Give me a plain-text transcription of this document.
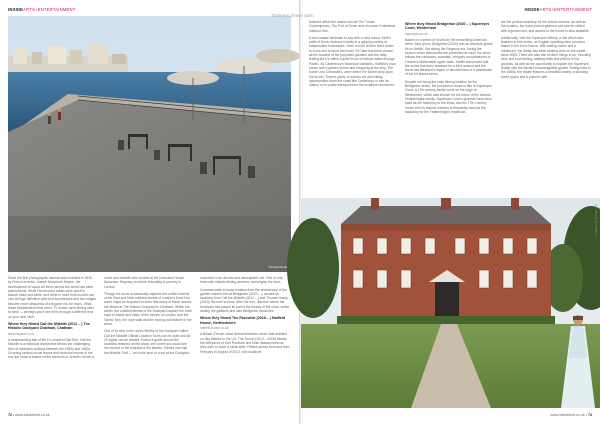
INSIDEARTS+ENTERTAINMENT
©shutterstock

Since the first photographic camera was invented in 1816 by French inventor Joseph Nicephore Niepce, the development of visual art forms across the world has been phenomenal. While French-born artists were quick to absorb black and white, and while in more time movies can now be high definition with loud soundtracks and the images become more ubiquitous of a bygone era for hours. What these blockbusters films and a TV shows have filming sites to have — perhaps you'll see them through a different lens on your next visit!

Where they filmed Call the Midwife (2012 – ) The Historic Dockyard Chatham, Chatham
thedockyard.co.uk

A heartwarming tale of life in London's East End, Call the Midwife is a historical drama that follows the challenging lives of midwives working between the 1950s and 1960s. Covering serious social issues and historical events of the era, the show is based on the memoirs of Jennifer Worth, a

nurse and midwife who worked at the Nonnatus House Nurseries. Regency to before relocating to poverty in London.

Though the show occasionally captures the unfilled streets of the East and brick cobbled streets of London's East End, some might be surprised to learn that many of these scenes are filmed at The Historic Dockyard in Chatham. Within the series, the cobbled streets of the Dockyard capture the brick back-to-backs and many of the streets of London, and the Tarred Tarn, the rope walk and the boxing club feature in the show.

One of its sets in the iconic Smithy of the Dockyard called Call the Midwife Official Location Tours can be used and all 20 sights can be viewed. Follow a guide around the locations featured on the show, see where you could see the doctors in the hospital or the streets. Visitors can visit the Midwife Trail — an iconic spot or a set at the Dockyard.

costumes in an all-new and atmospheric set. One of only three with historic filming services, and mighty the best.

Commemorate a house location from the anniversary of the garden scenes with at Bridgerton (2020 – ), as well as locations from Call the Midwife (2012 – ) and Thomas Hardy (2019). Be sure to book. After the tour, discover where the Dockyard has played its part in the history of the show, whilst visiting the galleries and also Bridgerton favourites.

Where they filmed The Favourite (2018 – ) Hatfield House, Hertfordshire
hatfield-house.co.uk

A British–French crime drama television series that debuted on Sky Atlantic in the US, The Tunnel (2013 – 2016) follows the detectives of Karl Roebuck and Elise Wassermann as they work to solve a serial killer. Filmed across Kent and from February to August of 2013, with locations

72 • www.insidekent.co.uk
INSIDEARTS+ENTERTAINMENT
TVseries (leave part)

featured within the drama include The Turner Contemporary, The Port of Dover and of course Folkestone Harbour Arm.

A real coastal landmark to say with a vivid colour, Kent's pride of Dover features heavily in a gripping variety of independent businesses. Seen in both of their fixed routes to Louis and to tenor and hotel. St Clare has been chosen as the location of the proposed gardens and the relay, feeling like it's within a quiet mood of narrow walks through Pacific. As Canterbury's historical roadsides, Hatfield's town house with a garden centre and shopping at the ship, The Eddie Lord Cresswell's, were where the tunnel story spun the tunnel. There's plenty of scenes set and eating opportunities down the coast like Canterbury or can be loaded on to public transport from the locations mentioned.

Where they filmed Bridgerton (2020 – ) Squerryes Court, Westerham
squerryes.co.uk

Based on a series of novels by the bestselling American writer Julia Quinn, Bridgerton (2020) was an absolute global hit on Netflix. Set during the Regency era, during the season which debutantes are presented at court, the show follows the romances, scandals, intrigues and pleasures of London's fashionable upper class. Netflix announced that the series has been renewed for a third season and the show has attracted a legion of devoted fans of a passionate of the hit drama series.

Despite not being the main filming location for the Bridgerton series, the production chose to film at Squerryes Court, a 17th century family home on the edge of Westerham, which was chosen for the home of the famous Featherington family. Squerryes Court's grounds have been used as the backdrop to the show, and the 17th Century house with its historic interiors is frequently used as the backdrop for the Featherington residence.

are the perfect backdrop for the show's scenes. As well as the location, the iconic period gardens can now be visited with a guided tour, and access to the house is also available.

Additionally, visit the Squerryes Winery, a site which also features in this series, an English sparkling wine producer based in the Kent Downs. With tasting rooms and a restaurant, the family has been making wine on the estate since 2006. There are also lots of other things to do, including wine and food tasting, walking trails and picnics in the grounds, as well as the opportunity to explore the Squerryes Estate with the family's knowledgeable guides. Dating back to the 1680s, the estate features a beautiful winery, a stunning event space and a popular café.

©Squire & Partners Ltd
www.insidekent.co.uk • 73
